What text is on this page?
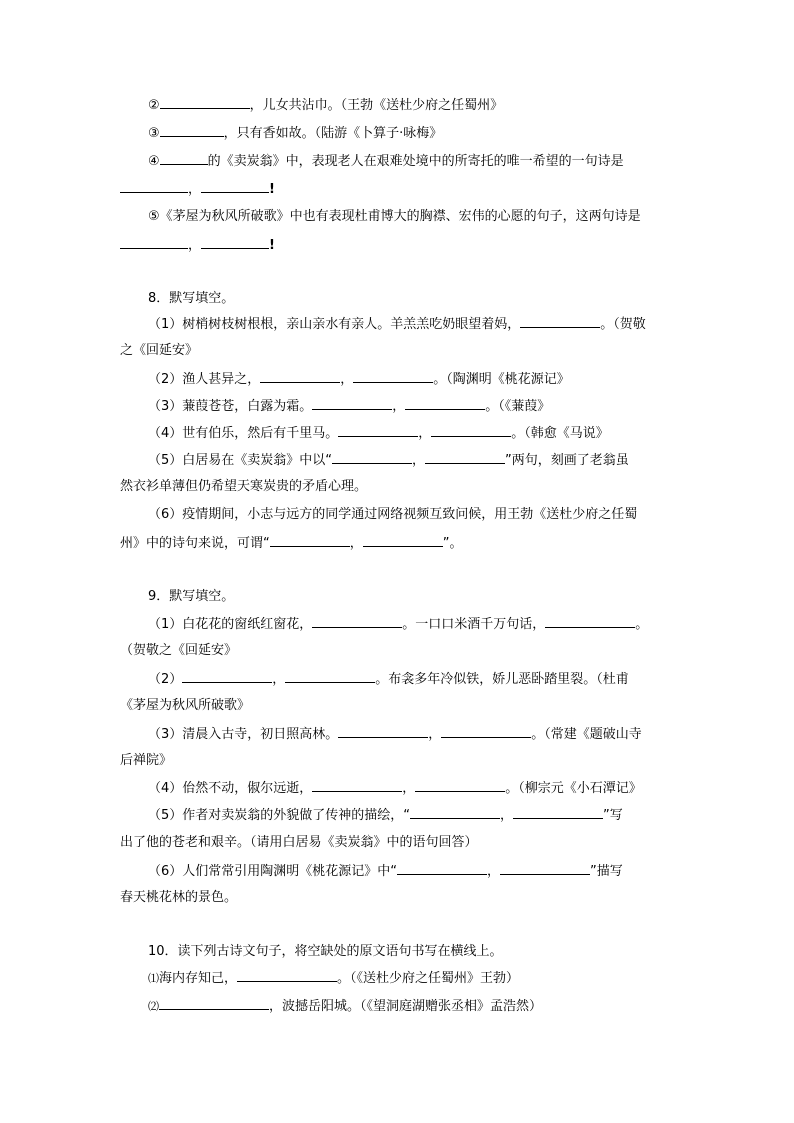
②	，儿女共沾巾。（王勃《送杜少府之任蜀州》
③	，只有香如故。（陆游《卜算子·咏梅》
④	的《卖炭翁》中，表现老人在艰难处境中的所寄托的唯一希望的一句诗是
，	!
⑤《茅屋为秋风所破歌》中也有表现杜甫博大的胸襟、宏伟的心愿的句子，这两句诗是
，	!
8．默写填空。
（1）树梢树枝树根根，亲山亲水有亲人。羊羔羔吃奶眼望着妈，	。（贺敬
之《回延安》
（2）渔人甚异之，	，	。（陶渊明《桃花源记》
（3）蒹葭苍苍，白露为霜。	，	。（《蒹葭》
（4）世有伯乐，然后有千里马。	，	。（韩愈《马说》
（5）白居易在《卖炭翁》中以“	，	”两句，刻画了老翁虽
然衣衫单薄但仍希望天寒炭贵的矛盾心理。
（6）疫情期间，小志与远方的同学通过网络视频互致问候，用王勃《送杜少府之任蜀
州》中的诗句来说，可谓“	，	”。
9．默写填空。
（1）白花花的窗纸红窗花，	。一口口米酒千万句话，	。
（贺敬之《回延安》
（2）	，	。布衾多年冷似铁，娇儿恶卧踏里裂。（杜甫
《茅屋为秋风所破歌》
（3）清晨入古寺，初日照高林。	，	。（常建《题破山寺
后禅院》
（4）佁然不动，俶尔远逝，	，	。（柳宗元《小石潭记》
（5）作者对卖炭翁的外貌做了传神的描绘，“	，	”写
出了他的苍老和艰辛。（请用白居易《卖炭翁》中的语句回答）
（6）人们常常引用陶渊明《桃花源记》中“	，	”描写
春天桃花林的景色。
10．读下列古诗文句子，将空缺处的原文语句书写在横线上。
⑴海内存知己，	。（《送杜少府之任蜀州》王勃）
⑵	，波撼岳阳城。（《望洞庭湖赠张丞相》孟浩然）
